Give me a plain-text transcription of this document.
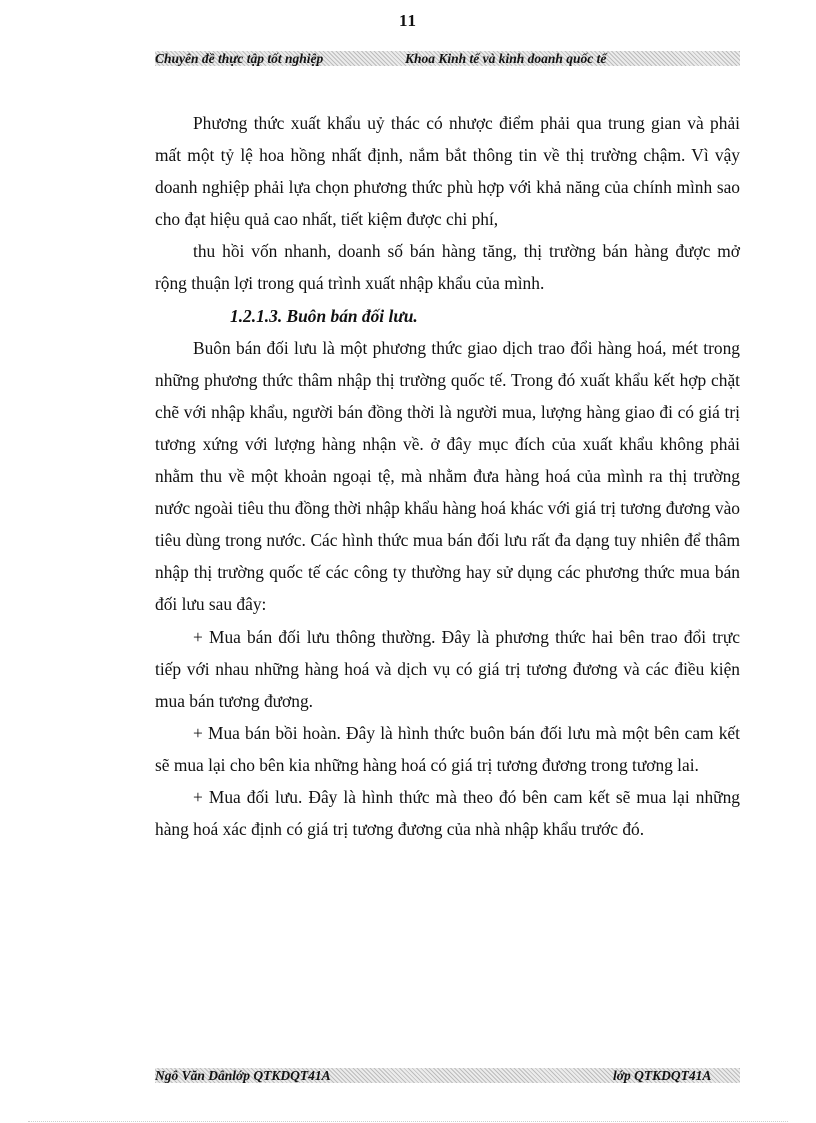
11
Chuyên đề thực tập tốt nghiệp	Khoa Kinh tế và kinh doanh quốc tế

Phương thức xuất khẩu uỷ thác có nhược điểm phải qua trung gian và phải mất một tỷ lệ hoa hồng nhất định, nắm bắt thông tin về thị trường chậm. Vì vậy doanh nghiệp phải lựa chọn phương thức phù hợp với khả năng của chính mình sao cho đạt hiệu quả cao nhất, tiết kiệm được chi phí,

thu hồi vốn nhanh, doanh số bán hàng tăng, thị trường bán hàng được mở rộng thuận lợi trong quá trình xuất nhập khẩu của mình.

1.2.1.3. Buôn bán đối lưu.

Buôn bán đối lưu là một phương thức giao dịch trao đổi hàng hoá, mét trong những phương thức thâm nhập thị trường quốc tế. Trong đó xuất khẩu kết hợp chặt chẽ với nhập khẩu, người bán đồng thời là người mua, lượng hàng giao đi có giá trị tương xứng với lượng hàng nhận về. ở đây mục đích của xuất khẩu không phải nhằm thu về một khoản ngoại tệ, mà nhằm đưa hàng hoá của mình ra thị trường nước ngoài tiêu thu đồng thời nhập khẩu hàng hoá khác với giá trị tương đương vào tiêu dùng trong nước. Các hình thức mua bán đối lưu rất đa dạng tuy nhiên để thâm nhập thị trường quốc tế các công ty thường hay sử dụng các phương thức mua bán đối lưu sau đây:

+ Mua bán đối lưu thông thường. Đây là phương thức hai bên trao đổi trực tiếp với nhau những hàng hoá và dịch vụ có giá trị tương đương và các điều kiện mua bán tương đương.

+ Mua bán bồi hoàn. Đây là hình thức buôn bán đối lưu mà một bên cam kết sẽ mua lại cho bên kia những hàng hoá có giá trị tương đương trong tương lai.

+ Mua đối lưu. Đây là hình thức mà theo đó bên cam kết sẽ mua lại những hàng hoá xác định có giá trị tương đương của nhà nhập khẩu trước đó.

Ngô Văn Dânlớp QTKDQT41A	lớp QTKDQT41A
